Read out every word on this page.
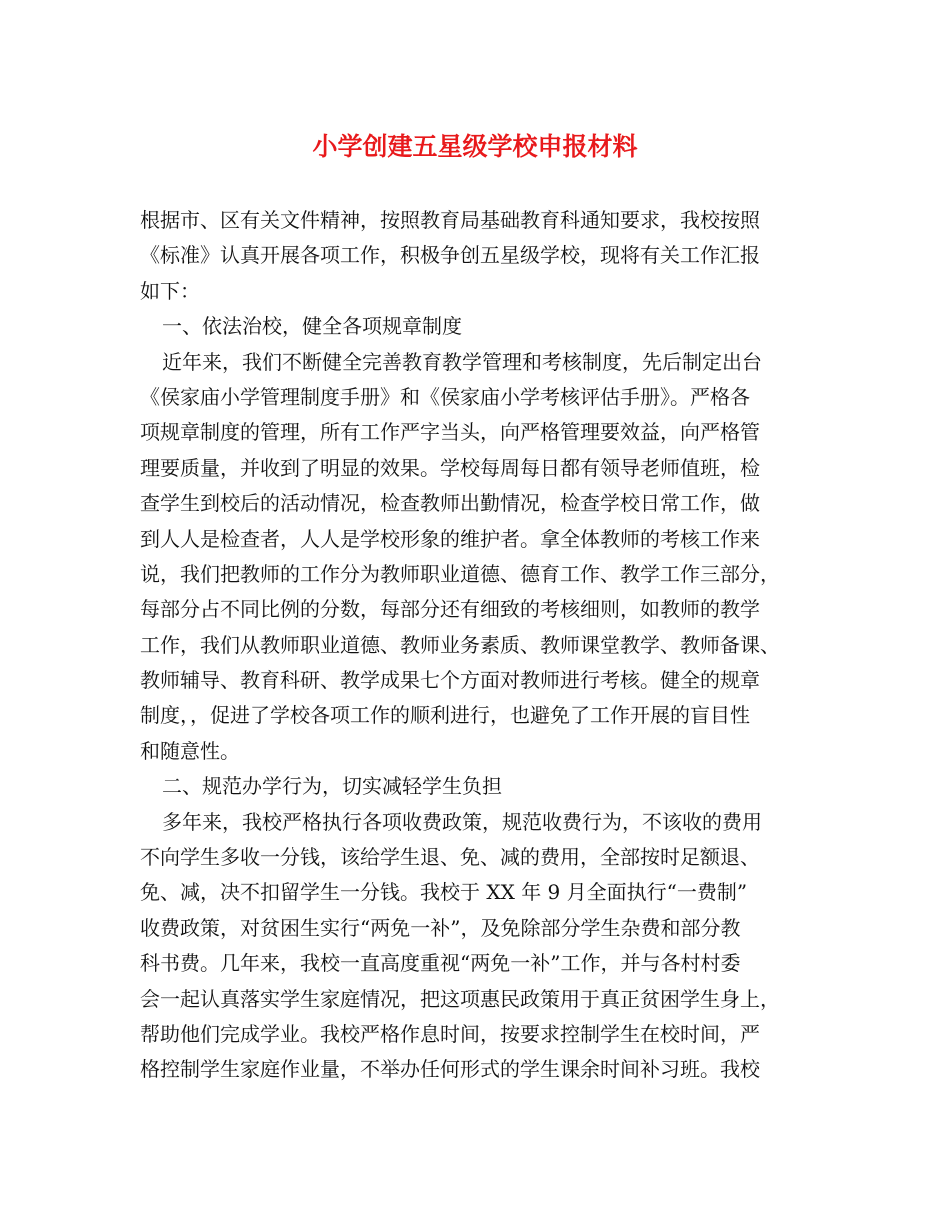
小学创建五星级学校申报材料
根据市、区有关文件精神，按照教育局基础教育科通知要求，我校按照
《标准》认真开展各项工作，积极争创五星级学校，现将有关工作汇报
如下：
一、依法治校，健全各项规章制度
近年来，我们不断健全完善教育教学管理和考核制度，先后制定出台
《侯家庙小学管理制度手册》和《侯家庙小学考核评估手册》。严格各
项规章制度的管理，所有工作严字当头，向严格管理要效益，向严格管
理要质量，并收到了明显的效果。学校每周每日都有领导老师值班，检
查学生到校后的活动情况，检查教师出勤情况，检查学校日常工作，做
到人人是检查者，人人是学校形象的维护者。拿全体教师的考核工作来
说，我们把教师的工作分为教师职业道德、德育工作、教学工作三部分，
每部分占不同比例的分数，每部分还有细致的考核细则，如教师的教学
工作，我们从教师职业道德、教师业务素质、教师课堂教学、教师备课、
教师辅导、教育科研、教学成果七个方面对教师进行考核。健全的规章
制度，，促进了学校各项工作的顺利进行，也避免了工作开展的盲目性
和随意性。
二、规范办学行为，切实减轻学生负担
多年来，我校严格执行各项收费政策，规范收费行为，不该收的费用
不向学生多收一分钱，该给学生退、免、减的费用，全部按时足额退、
免、减，决不扣留学生一分钱。我校于 XX 年 9 月全面执行“一费制”
收费政策，对贫困生实行“两免一补”，及免除部分学生杂费和部分教
科书费。几年来，我校一直高度重视“两免一补”工作，并与各村村委
会一起认真落实学生家庭情况，把这项惠民政策用于真正贫困学生身上，
帮助他们完成学业。我校严格作息时间，按要求控制学生在校时间，严
格控制学生家庭作业量，不举办任何形式的学生课余时间补习班。我校
